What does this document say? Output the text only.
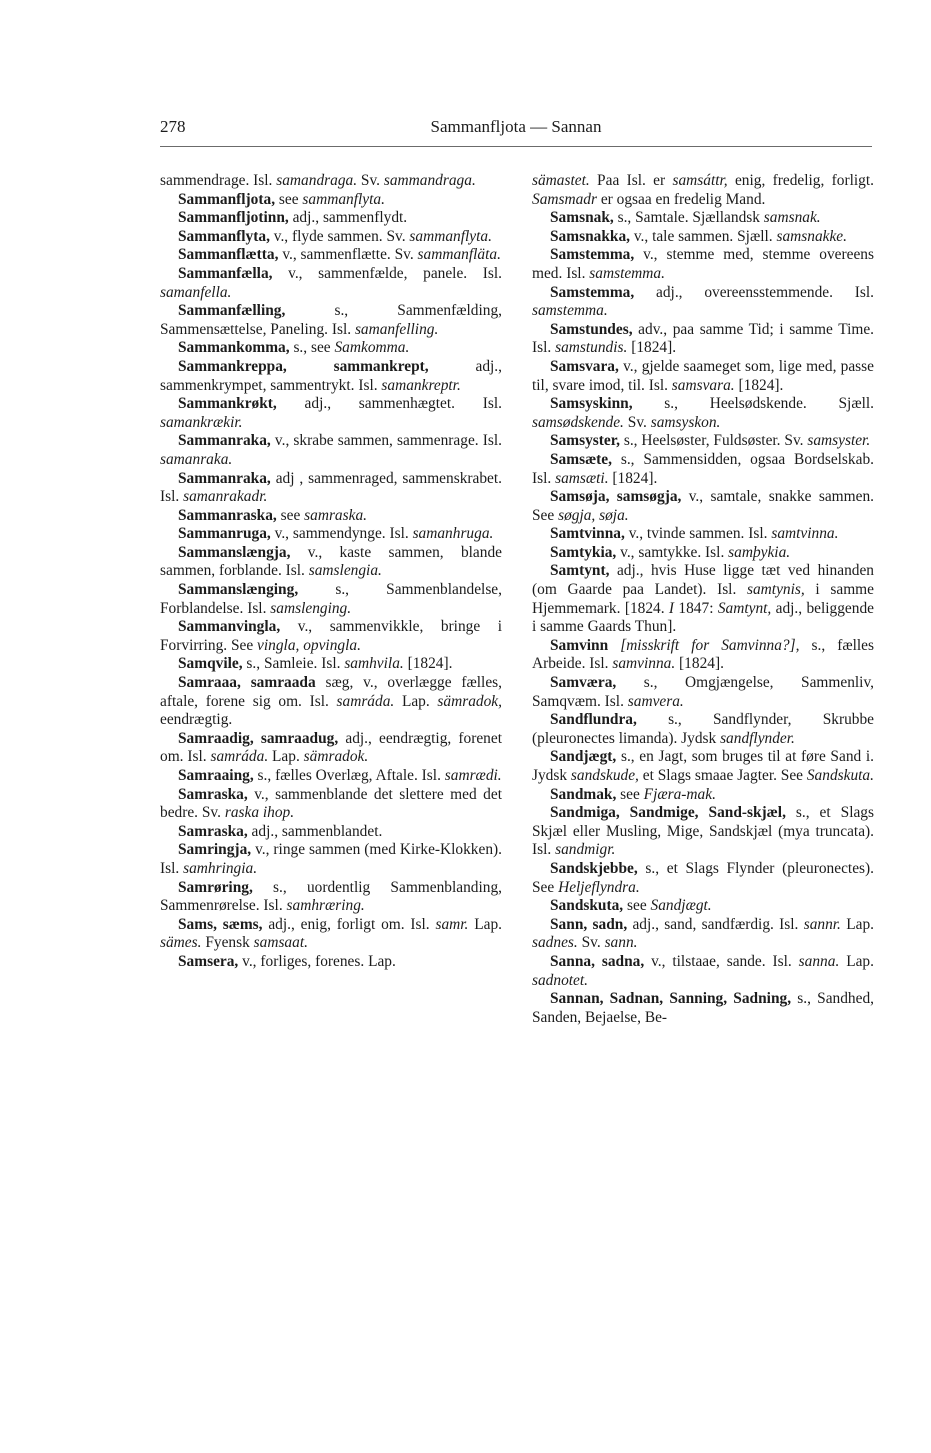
278	Sammanfljota — Sannan

sammendrage. Isl. samandraga. Sv. sammandraga.

Sammanfljota, see sammanflyta.

Sammanfljotinn, adj., sammenflydt.

Sammanflyta, v., flyde sammen. Sv. sammanflyta.

Sammanflætta, v., sammenflætte. Sv. sammanfläta.

Sammanfælla, v., sammenfælde, panele. Isl. samanfella.

Sammanfælling, s., Sammenfælding, Sammensættelse, Paneling. Isl. samanfelling.

Sammankomma, s., see Samkomma.

Sammankreppa, sammankrept, adj., sammenkrympet, sammentrykt. Isl. samankreptr.

Sammankrøkt, adj., sammenhægtet. Isl. samankrækir.

Sammanraka, v., skrabe sammen, sammenrage. Isl. samanraka.

Sammanraka, adj , sammenraged, sammenskrabet. Isl. samanrakadr.

Sammanraska, see samraska.

Sammanruga, v., sammendynge. Isl. samanhruga.

Sammanslængja, v., kaste sammen, blande sammen, forblande. Isl. samslengia.

Sammanslænging, s., Sammenblandelse, Forblandelse. Isl. samslenging.

Sammanvingla, v., sammenvikkle, bringe i Forvirring. See vingla, opvingla.

Samqvile, s., Samleie. Isl. samhvila. [1824].

Samraaa, samraada sæg, v., overlægge fælles, aftale, forene sig om. Isl. samráda. Lap. sämradok, eendrægtig.

Samraadig, samraadug, adj., eendrægtig, forenet om. Isl. samráda. Lap. sämradok.

Samraaing, s., fælles Overlæg, Aftale. Isl. samrædi.

Samraska, v., sammenblande det slettere med det bedre. Sv. raska ihop.

Samraska, adj., sammenblandet.

Samringja, v., ringe sammen (med Kirke-Klokken). Isl. samhringia.

Samrøring, s., uordentlig Sammenblanding, Sammenrørelse. Isl. samhræring.

Sams, sæms, adj., enig, forligt om. Isl. samr. Lap. sämes. Fyensk samsaat.

Samsera, v., forliges, forenes. Lap.

sämastet. Paa Isl. er samsáttr, enig, fredelig, forligt. Samsmadr er ogsaa en fredelig Mand.

Samsnak, s., Samtale. Sjællandsk samsnak.

Samsnakka, v., tale sammen. Sjæll. samsnakke.

Samstemma, v., stemme med, stemme overeens med. Isl. samstemma.

Samstemma, adj., overeensstemmende. Isl. samstemma.

Samstundes, adv., paa samme Tid; i samme Time. Isl. samstundis. [1824].

Samsvara, v., gjelde saameget som, lige med, passe til, svare imod, til. Isl. samsvara. [1824].

Samsyskinn, s., Heelsødskende. Sjæll. samsødskende. Sv. samsyskon.

Samsyster, s., Heelsøster, Fuldsøster. Sv. samsyster.

Samsæte, s., Sammensidden, ogsaa Bordselskab. Isl. samsæti. [1824].

Samsøja, samsøgja, v., samtale, snakke sammen. See søgja, søja.

Samtvinna, v., tvinde sammen. Isl. samtvinna.

Samtykia, v., samtykke. Isl. samþykia.

Samtynt, adj., hvis Huse ligge tæt ved hinanden (om Gaarde paa Landet). Isl. samtynis, i samme Hjemmemark. [1824. I 1847: Samtynt, adj., beliggende i samme Gaards Thun].

Samvinn [misskrift for Samvinna?], s., fælles Arbeide. Isl. samvinna. [1824].

Samværa, s., Omgjængelse, Sammenliv, Samqvæm. Isl. samvera.

Sandflundra, s., Sandflynder, Skrubbe (pleuronectes limanda). Jydsk sandflynder.

Sandjægt, s., en Jagt, som bruges til at føre Sand i. Jydsk sandskude, et Slags smaae Jagter. See Sandskuta.

Sandmak, see Fjæra-mak.

Sandmiga, Sandmige, Sand-skjæl, s., et Slags Skjæl eller Musling, Mige, Sandskjæl (mya truncata). Isl. sandmigr.

Sandskjebbe, s., et Slags Flynder (pleuronectes). See Heljeflyndra.

Sandskuta, see Sandjægt.

Sann, sadn, adj., sand, sandfærdig. Isl. sannr. Lap. sadnes. Sv. sann.

Sanna, sadna, v., tilstaae, sande. Isl. sanna. Lap. sadnotet.

Sannan, Sadnan, Sanning, Sadning, s., Sandhed, Sanden, Bejaelse, Be-
